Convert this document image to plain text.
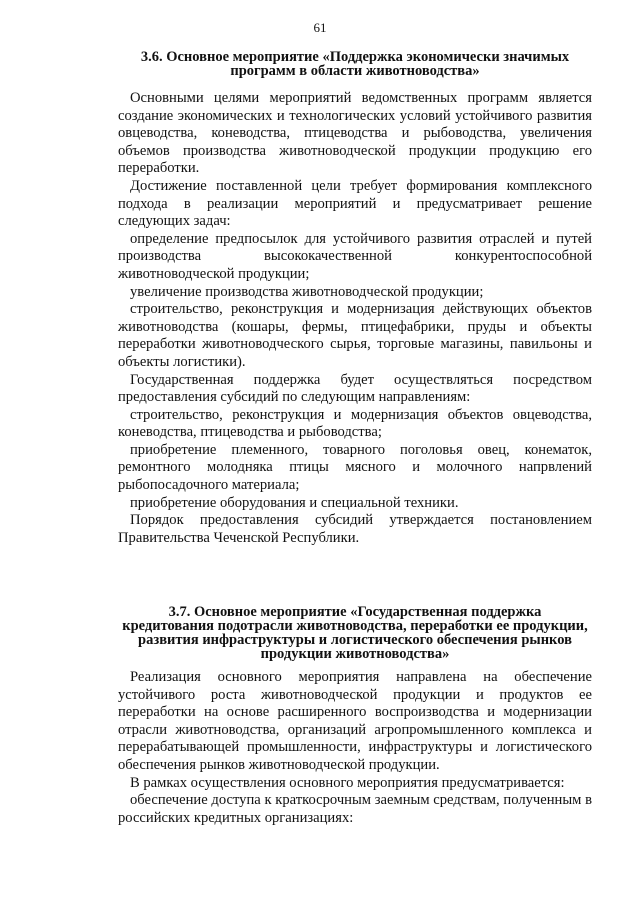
61
3.6. Основное мероприятие «Поддержка экономически значимых
программ в области животноводства»

Основными целями мероприятий ведомственных программ является создание экономических и технологических условий устойчивого развития овцеводства, коневодства, птицеводства и рыбоводства, увеличения объемов производства животноводческой продукции продукцию его переработки.

Достижение поставленной цели требует формирования комплексного подхода в реализации мероприятий и предусматривает решение следующих задач:

определение предпосылок для устойчивого развития отраслей и путей производства высококачественной конкурентоспособной животноводческой продукции;

увеличение производства животноводческой продукции;

строительство, реконструкция и модернизация действующих объектов животноводства (кошары, фермы, птицефабрики, пруды и объекты переработки животноводческого сырья, торговые магазины, павильоны и объекты логистики).

Государственная поддержка будет осуществляться посредством предоставления субсидий по следующим направлениям:

строительство, реконструкция и модернизация объектов овцеводства, коневодства, птицеводства и рыбоводства;

приобретение племенного, товарного поголовья овец, конематок, ремонтного молодняка птицы мясного и молочного напрвлений рыбопосадочного материала;

приобретение оборудования и специальной техники.

Порядок предоставления субсидий утверждается постановлением Правительства Чеченской Республики.

3.7. Основное мероприятие «Государственная поддержка
кредитования подотрасли животноводства, переработки ее продукции,
развития инфраструктуры и логистического обеспечения рынков
продукции животноводства»

Реализация основного мероприятия направлена на обеспечение устойчивого роста животноводческой продукции и продуктов ее переработки на основе расширенного воспроизводства и модернизации отрасли животноводства, организаций агропромышленного комплекса и перерабатывающей промышленности, инфраструктуры и логистического обеспечения рынков животноводческой продукции.

В рамках осуществления основного мероприятия предусматривается:

обеспечение доступа к краткосрочным заемным средствам, полученным в российских кредитных организациях:
